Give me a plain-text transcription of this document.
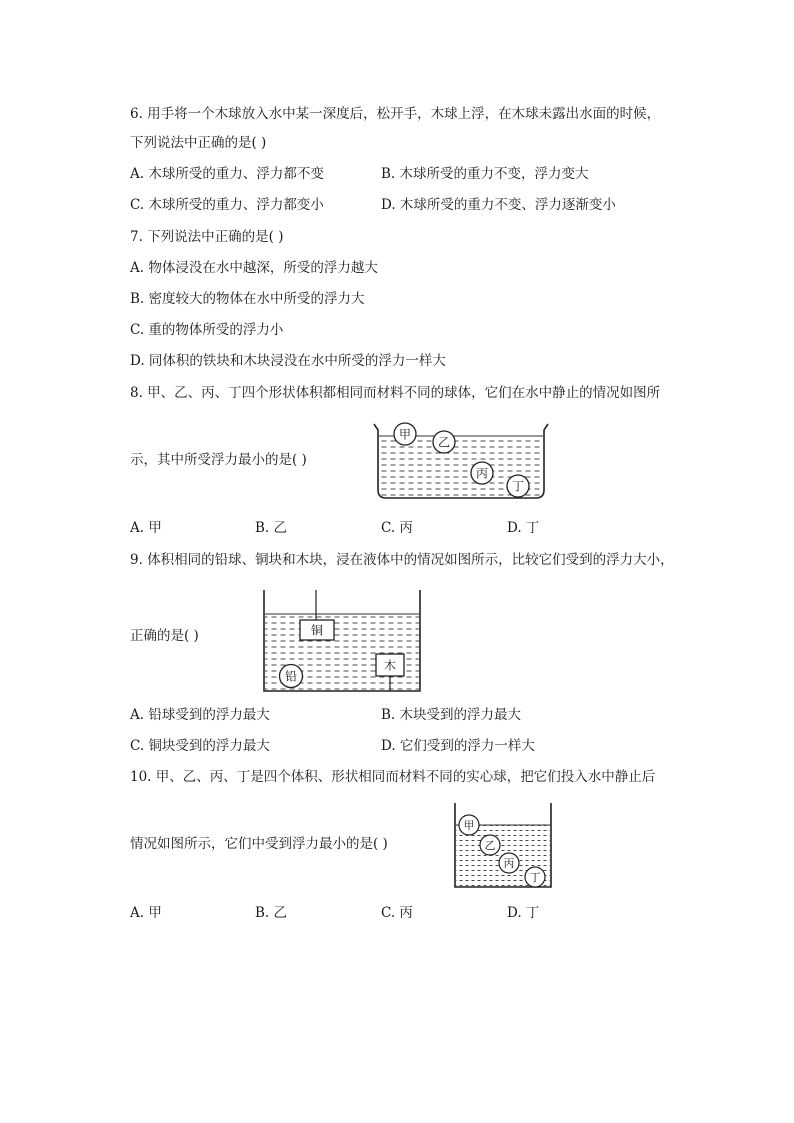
6. 用手将一个木球放入水中某一深度后，松开手，木球上浮，在木球未露出水面的时候，
下列说法中正确的是( )
A. 木球所受的重力、浮力都不变	B. 木球所受的重力不变，浮力变大
C. 木球所受的重力、浮力都变小	D. 木球所受的重力不变、浮力逐渐变小
7. 下列说法中正确的是( )
A. 物体浸没在水中越深，所受的浮力越大
B. 密度较大的物体在水中所受的浮力大
C. 重的物体所受的浮力小
D. 同体积的铁块和木块浸没在水中所受的浮力一样大
8. 甲、乙、丙、丁四个形状体积都相同而材料不同的球体，它们在水中静止的情况如图所
示，其中所受浮力最小的是( )
甲
乙
丙
丁
A. 甲	B. 乙	C. 丙	D. 丁
9. 体积相同的铅球、铜块和木块，浸在液体中的情况如图所示，比较它们受到的浮力大小，
正确的是( )	铜
木
铅
A. 铅球受到的浮力最大	B. 木块受到的浮力最大
C. 铜块受到的浮力最大	D. 它们受到的浮力一样大
10. 甲、乙、丙、丁是四个体积、形状相同而材料不同的实心球，把它们投入水中静止后
情况如图所示，它们中受到浮力最小的是( )
甲
乙
丙
丁
A. 甲	B. 乙	C. 丙	D. 丁
